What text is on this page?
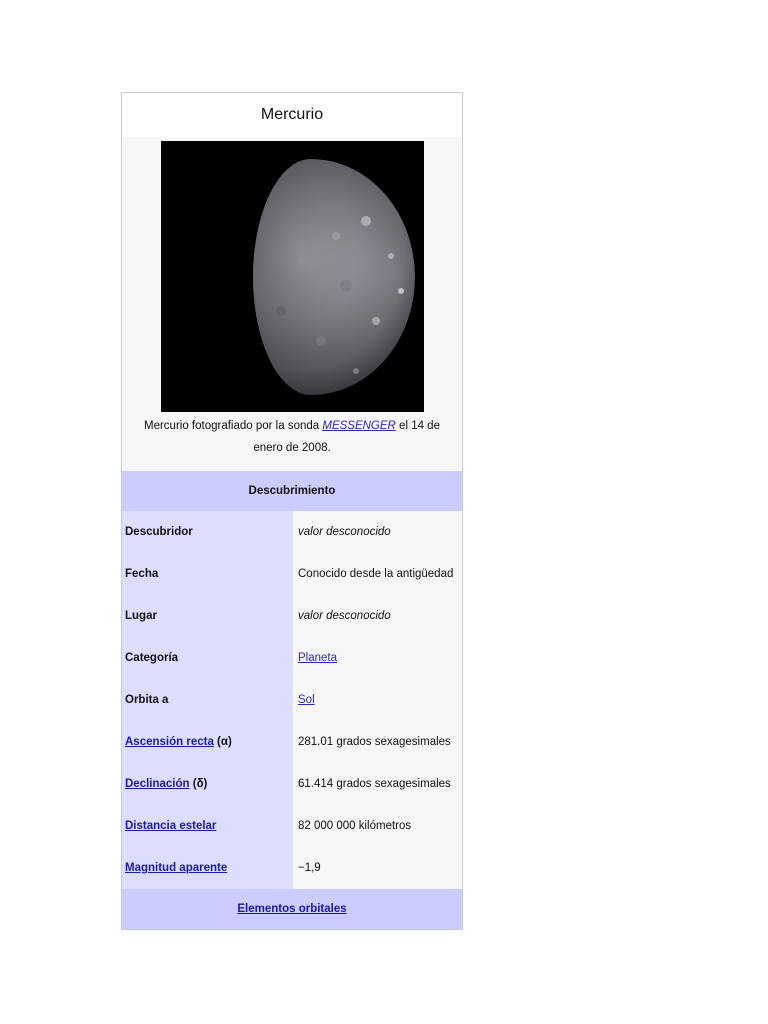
Mercurio
Mercurio fotografiado por la sonda MESSENGER el 14 de enero de 2008.
Descubrimiento
Descubridor	valor desconocido
Fecha	Conocido desde la antigüedad
Lugar	valor desconocido
Categoría	Planeta
Orbita a	Sol
Ascensión recta (α)	281.01 grados sexagesimales
Declinación (δ)	61.414 grados sexagesimales
Distancia estelar	82 000 000 kilómetros
Magnitud aparente	−1,9
Elementos orbitales
